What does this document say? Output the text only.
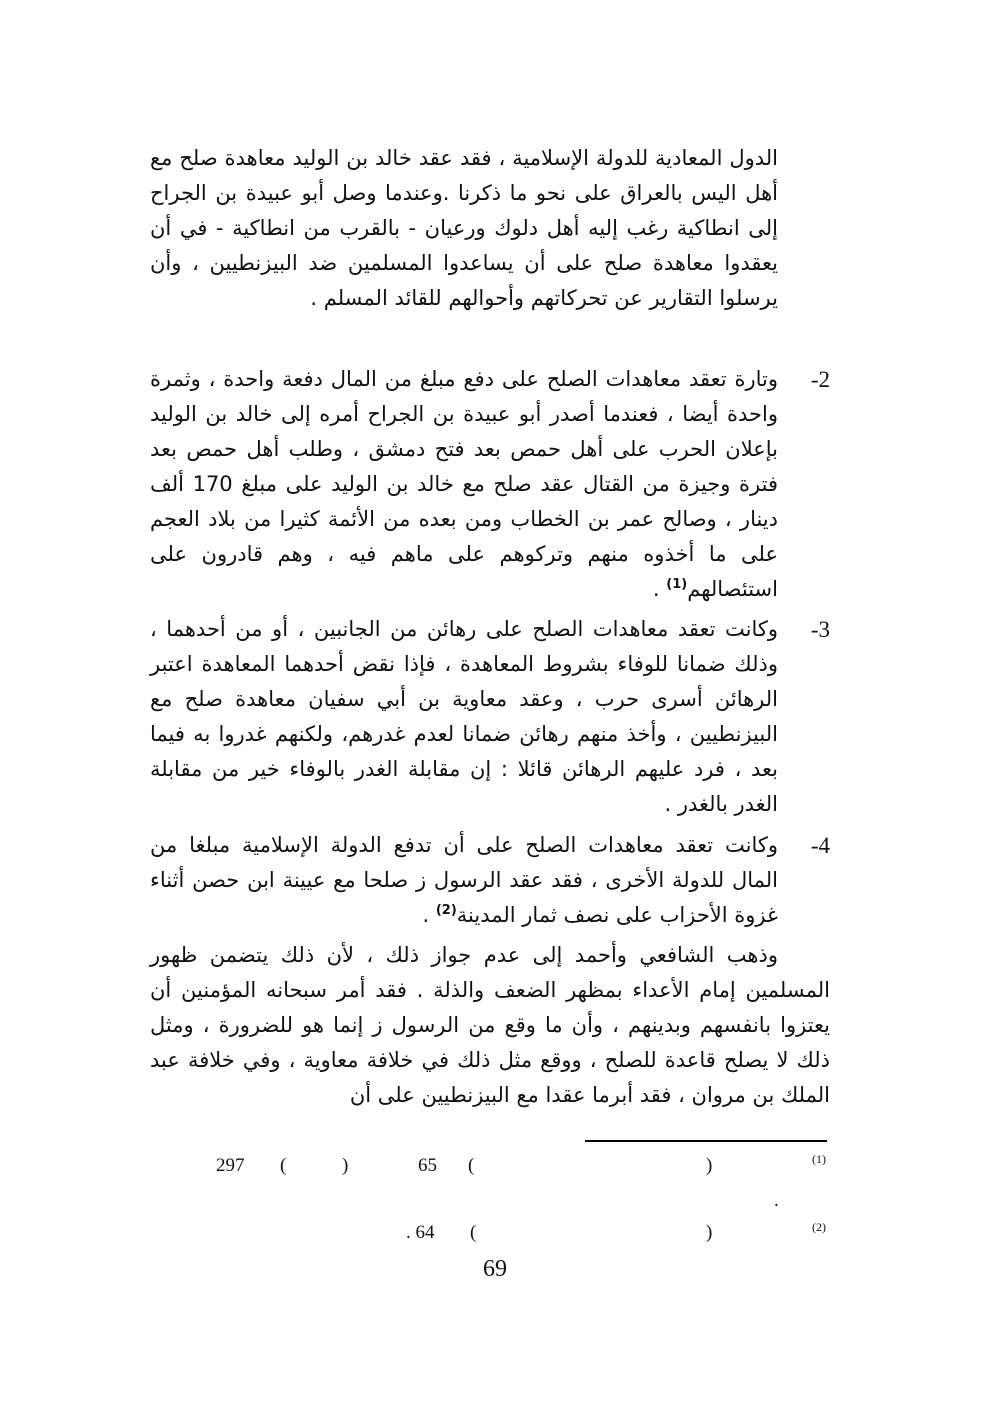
الدول المعادية للدولة الإسلامية ، فقد عقد خالد بن الوليد معاهدة صلح مع أهل اليس بالعراق على نحو ما ذكرنا .وعندما وصل أبو عبيدة بن الجراح إلى انطاكية رغب إليه أهل دلوك ورعيان - بالقرب من انطاكية - في أن يعقدوا معاهدة صلح على أن يساعدوا المسلمين ضد البيزنطيين ، وأن يرسلوا التقارير عن تحركاتهم وأحوالهم للقائد المسلم .
-2
وتارة تعقد معاهدات الصلح على دفع مبلغ من المال دفعة واحدة ، وثمرة واحدة أيضا ، فعندما أصدر أبو عبيدة بن الجراح أمره إلى خالد بن الوليد بإعلان الحرب على أهل حمص بعد فتح دمشق ، وطلب أهل حمص بعد فترة وجيزة من القتال عقد صلح مع خالد بن الوليد على مبلغ 170 ألف دينار ، وصالح عمر بن الخطاب ومن بعده من الأئمة كثيرا من بلاد العجم على ما أخذوه منهم وتركوهم على ماهم فيه ، وهم قادرون على استئصالهم$^{(1)}$ .
-3
وكانت تعقد معاهدات الصلح على رهائن من الجانبين ، أو من أحدهما ، وذلك ضمانا للوفاء بشروط المعاهدة ، فإذا نقض أحدهما المعاهدة اعتبر الرهائن أسرى حرب ، وعقد معاوية بن أبي سفيان معاهدة صلح مع البيزنطيين ، وأخذ منهم رهائن ضمانا لعدم غدرهم، ولكنهم غدروا به فيما بعد ، فرد عليهم الرهائن قائلا : إن مقابلة الغدر بالوفاء خير من مقابلة الغدر بالغدر .
-4
وكانت تعقد معاهدات الصلح على أن تدفع الدولة الإسلامية مبلغا من المال للدولة الأخرى ، فقد عقد الرسول ز صلحا مع عيينة ابن حصن أثناء غزوة الأحزاب على نصف ثمار المدينة$^{(2)}$ .
وذهب الشافعي وأحمد إلى عدم جواز ذلك ، لأن ذلك يتضمن ظهور المسلمين إمام الأعداء بمظهر الضعف والذلة . فقد أمر سبحانه المؤمنين أن يعتزوا بانفسهم وبدينهم ، وأن ما وقع من الرسول ز إنما هو للضرورة ، ومثل ذلك لا يصلح قاعدة للصلح ، ووقع مثل ذلك في خلافة معاوية ، وفي خلافة عبد الملك بن مروان ، فقد أبرما عقدا مع البيزنطيين على أن
(1)
)
(
65
)
(
297
.
(2)
)
(
. 64
69
